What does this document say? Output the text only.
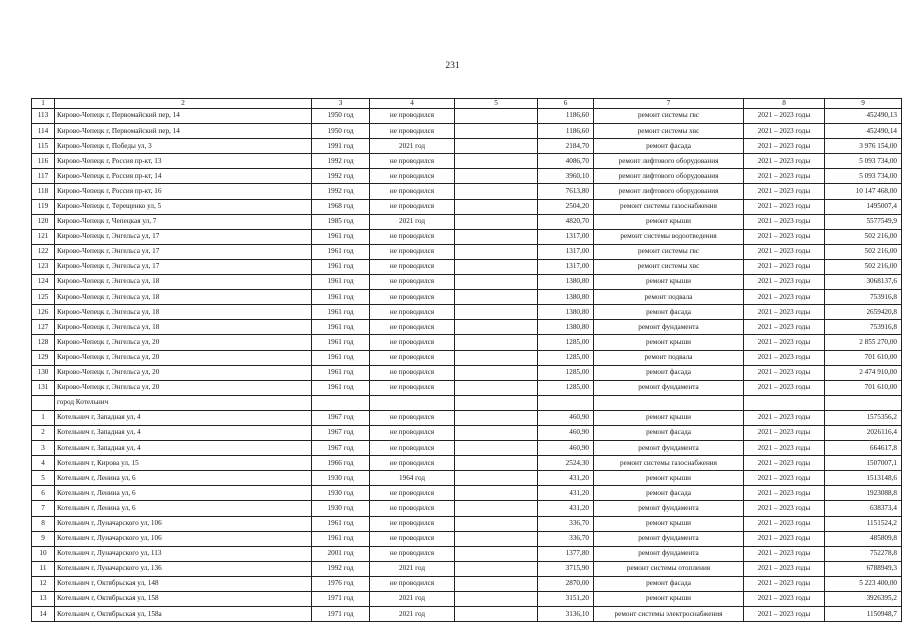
231
1	2	3	4	5	6	7	8	9
113	Кирово-Чепецк г, Первомайский пер, 14	1950 год	не проводился		1186,60	ремонт системы гвс	2021 – 2023 годы	452490,13
114	Кирово-Чепецк г, Первомайский пер, 14	1950 год	не проводился		1186,60	ремонт системы хвс	2021 – 2023 годы	452490,14
115	Кирово-Чепецк г, Победы ул, 3	1991 год	2021 год		2184,70	ремонт фасада	2021 – 2023 годы	3 976 154,00
116	Кирово-Чепецк г, Россия пр-кт, 13	1992 год	не проводился		4086,70	ремонт лифтового оборудования	2021 – 2023 годы	5 093 734,00
117	Кирово-Чепецк г, Россия пр-кт, 14	1992 год	не проводился		3960,10	ремонт лифтового оборудования	2021 – 2023 годы	5 093 734,00
118	Кирово-Чепецк г, Россия пр-кт, 16	1992 год	не проводился		7613,80	ремонт лифтового оборудования	2021 – 2023 годы	10 147 468,00
119	Кирово-Чепецк г, Терещенко ул, 5	1968 год	не проводился		2504,20	ремонт системы газоснабжения	2021 – 2023 годы	1495007,4
120	Кирово-Чепецк г, Чепецкая ул, 7	1985 год	2021 год		4820,70	ремонт крыши	2021 – 2023 годы	5577549,9
121	Кирово-Чепецк г, Энгельса ул, 17	1961 год	не проводился		1317,00	ремонт системы водоотведения	2021 – 2023 годы	502 216,00
122	Кирово-Чепецк г, Энгельса ул, 17	1961 год	не проводился		1317,00	ремонт системы гвс	2021 – 2023 годы	502 216,00
123	Кирово-Чепецк г, Энгельса ул, 17	1961 год	не проводился		1317,00	ремонт системы хвс	2021 – 2023 годы	502 216,00
124	Кирово-Чепецк г, Энгельса ул, 18	1961 год	не проводился		1380,80	ремонт крыши	2021 – 2023 годы	3068137,6
125	Кирово-Чепецк г, Энгельса ул, 18	1961 год	не проводился		1380,80	ремонт подвала	2021 – 2023 годы	753916,8
126	Кирово-Чепецк г, Энгельса ул, 18	1961 год	не проводился		1380,80	ремонт фасада	2021 – 2023 годы	2659420,8
127	Кирово-Чепецк г, Энгельса ул, 18	1961 год	не проводился		1380,80	ремонт фундамента	2021 – 2023 годы	753916,8
128	Кирово-Чепецк г, Энгельса ул, 20	1961 год	не проводился		1285,00	ремонт крыши	2021 – 2023 годы	2 855 270,00
129	Кирово-Чепецк г, Энгельса ул, 20	1961 год	не проводился		1285,00	ремонт подвала	2021 – 2023 годы	701 610,00
130	Кирово-Чепецк г, Энгельса ул, 20	1961 год	не проводился		1285,00	ремонт фасада	2021 – 2023 годы	2 474 910,00
131	Кирово-Чепецк г, Энгельса ул, 20	1961 год	не проводился		1285,00	ремонт фундамента	2021 – 2023 годы	701 610,00
	город Котельнич							
1	Котельнич г, Западная ул, 4	1967 год	не проводился		460,90	ремонт крыши	2021 – 2023 годы	1575356,2
2	Котельнич г, Западная ул, 4	1967 год	не проводился		460,90	ремонт фасада	2021 – 2023 годы	2026116,4
3	Котельнич г, Западная ул, 4	1967 год	не проводился		460,90	ремонт фундамента	2021 – 2023 годы	664617,8
4	Котельнич г, Кирова ул, 15	1966 год	не проводился		2524,30	ремонт системы газоснабжения	2021 – 2023 годы	1507007,1
5	Котельнич г, Ленина ул, 6	1930 год	1964 год		431,20	ремонт крыши	2021 – 2023 годы	1513148,6
6	Котельнич г, Ленина ул, 6	1930 год	не проводился		431,20	ремонт фасада	2021 – 2023 годы	1923088,8
7	Котельнич г, Ленина ул, 6	1930 год	не проводился		431,20	ремонт фундамента	2021 – 2023 годы	638373,4
8	Котельнич г, Луначарского ул, 106	1961 год	не проводился		336,70	ремонт крыши	2021 – 2023 годы	1151524,2
9	Котельнич г, Луначарского ул, 106	1961 год	не проводился		336,70	ремонт фундамента	2021 – 2023 годы	485809,8
10	Котельнич г, Луначарского ул, 113	2001 год	не проводился		1377,80	ремонт фундамента	2021 – 2023 годы	752278,8
11	Котельнич г, Луначарского ул, 136	1992 год	2021 год		3715,90	ремонт системы отопления	2021 – 2023 годы	6788949,3
12	Котельнич г, Октябрьская ул, 148	1976 год	не проводился		2870,00	ремонт фасада	2021 – 2023 годы	5 223 400,00
13	Котельнич г, Октябрьская ул, 158	1971 год	2021 год		3151,20	ремонт крыши	2021 – 2023 годы	3926395,2
14	Котельнич г, Октябрьская ул, 158а	1971 год	2021 год		3136,10	ремонт системы электроснабжения	2021 – 2023 годы	1150948,7
